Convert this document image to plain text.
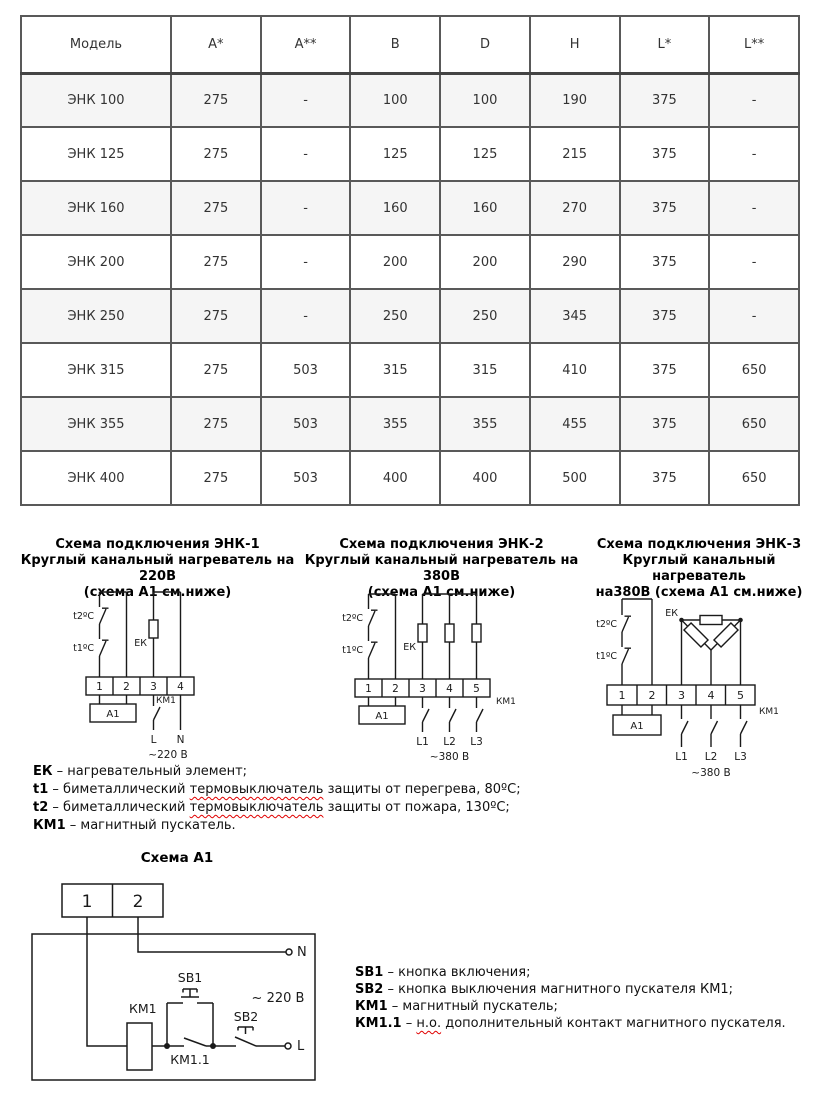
Модель	A*	A**	B	D	H	L*	L**
ЭНК 100	275	-	100	100	190	375	-
ЭНК 125	275	-	125	125	215	375	-
ЭНК 160	275	-	160	160	270	375	-
ЭНК 200	275	-	200	200	290	375	-
ЭНК 250	275	-	250	250	345	375	-
ЭНК 315	275	503	315	315	410	375	650
ЭНК 355	275	503	355	355	455	375	650
ЭНК 400	275	503	400	400	500	375	650
Схема подключения ЭНК-1
Круглый канальный нагреватель на 220В
(схема А1 см.ниже)
Схема подключения ЭНК-2
Круглый канальный нагреватель на 380В
(схема А1 см.ниже)
Схема подключения ЭНК-3
Круглый канальный нагреватель
на380В (схема А1 см.ниже)
t2ºC
t1ºC	ЕК
1 2 3 4
А1
КМ1
L N
~220 В
t2ºC
t1ºC	ЕК
1 2 3 4 5
А1
КМ1
L1 L2 L3
~380 В
t2ºC
t1ºC
ЕК
1 2 3 4 5
А1
КМ1
L1 L2 L3
~380 В
ЕК – нагревательный элемент;
t1 – биметаллический термовыключатель защиты от перегрева, 80ºС;
t2 – биметаллический термовыключатель защиты от пожара, 130ºС;
КМ1 – магнитный пускатель.
Схема А1
1 2
N
L
SB1
SB2
КМ1
КМ1.1
~ 220 В
SB1 – кнопка включения;
SB2 – кнопка выключения магнитного пускателя КМ1;
КМ1 – магнитный пускатель;
КМ1.1 – н.о. дополнительный контакт магнитного пускателя.
